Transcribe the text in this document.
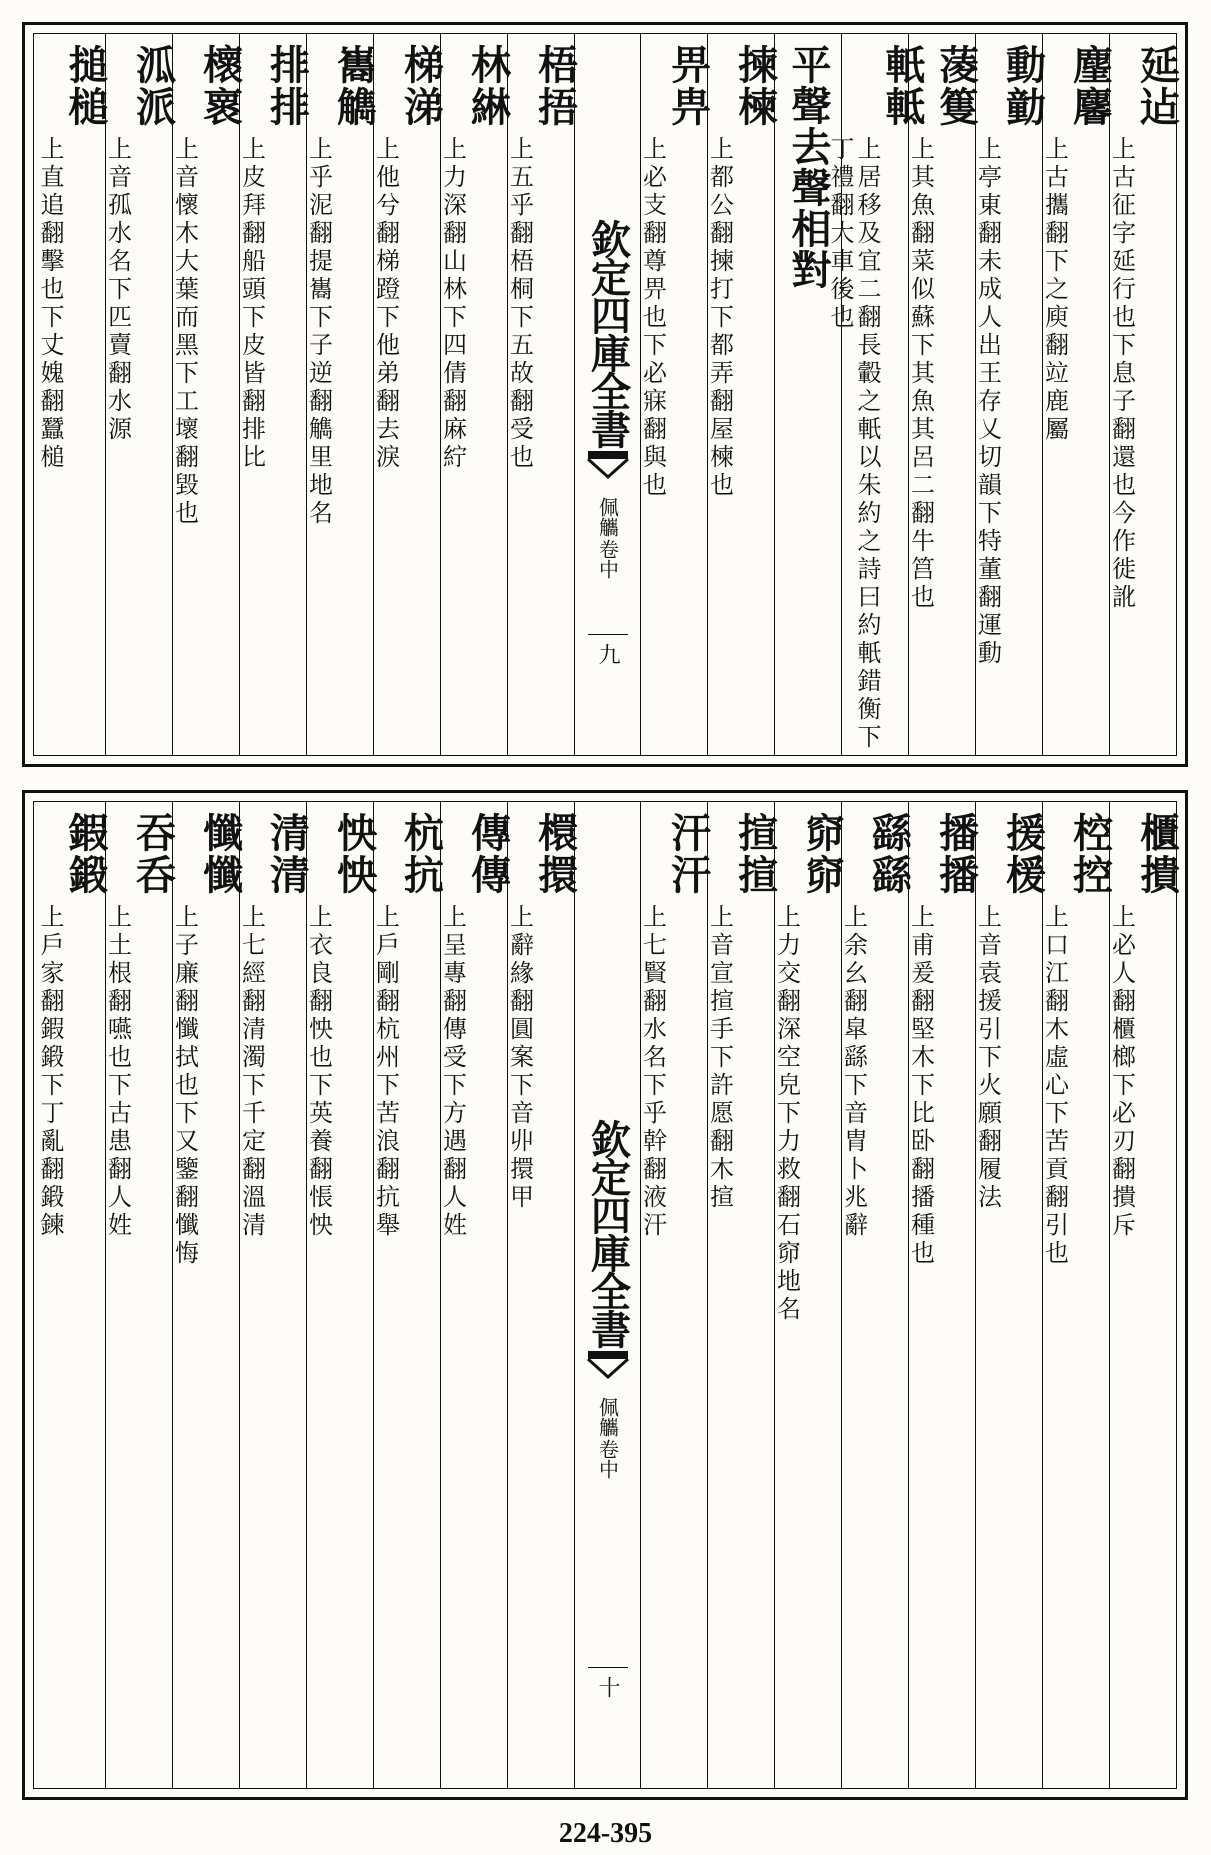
延迠
上古征字延行也下息子翻還也今作徙訛
麈麘
上古攜翻下之庾翻竝鹿屬
動勭
上亭東翻未成人出王存乂切韻下特董翻運動
蓤篗
上其魚翻菜似蘇下其魚其呂二翻牛筥也
軝軧
上居移及宜二翻長轂之軝以朱約之詩曰約軝錯衡下丁禮翻大車後也
平聲去聲相對
揀楝
上都公翻揀打下都弄翻屋楝也
畀畁
上必支翻尊畀也下必寐翻與也
欽定四庫全書
佩觿
卷中
九
梧捂
上五乎翻梧桐下五故翻受也
林綝
上力深翻山林下四倩翻麻紵
梯涕
上他兮翻梯蹬下他弟翻去淚
巂觹
上乎泥翻提巂下子逆翻觹里地名
排排
上皮拜翻船頭下皮皆翻排比
櫰褱
上音懷木大葉而黑下工壞翻毀也
泒派
上音孤水名下匹賣翻水源
搥槌
上直追翻擊也下丈媿翻蠶槌
櫃撌
上必人翻櫃榔下必刃翻撌斥
椌控
上口江翻木虛心下苦貢翻引也
援楥
上音袁援引下火願翻履法
播播
上甫爰翻堅木下比卧翻播種也
繇繇
上余幺翻皐繇下音胄卜兆辭
窌窌
上力交翻深空皃下力救翻石窌地名
揎揎
上音宣揎手下許愿翻木揎
汗汗
上七賢翻水名下乎幹翻液汗
欽定四庫全書
佩觿
卷中
十
檈擐
上辭緣翻圓案下音丱擐甲
傳傳
上呈專翻傳受下方遇翻人姓
杭抗
上戶剛翻杭州下苦浪翻抗舉
怏怏
上衣良翻怏也下英養翻悵怏
清清
上七經翻清濁下千定翻溫清
懺懺
上子廉翻懺拭也下又鑒翻懺悔
吞呑
上土根翻嚥也下古患翻人姓
鍜鍛
上戶家翻鍜鍛下丁亂翻鍛鍊
224-395
